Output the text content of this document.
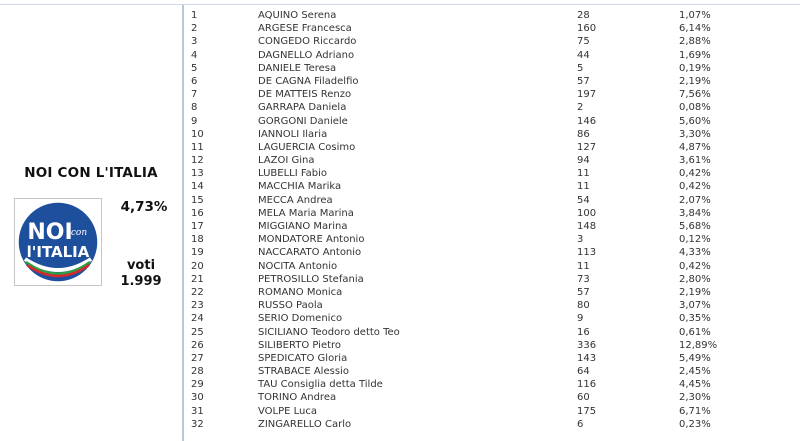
NOI CON L'ITALIA
NOI
con
l'ITALIA
4,73%
voti
1.999
1	AQUINO Serena	28	1,07%
2	ARGESE Francesca	160	6,14%
3	CONGEDO Riccardo	75	2,88%
4	DAGNELLO Adriano	44	1,69%
5	DANIELE Teresa	5	0,19%
6	DE CAGNA Filadelfio	57	2,19%
7	DE MATTEIS Renzo	197	7,56%
8	GARRAPA Daniela	2	0,08%
9	GORGONI Daniele	146	5,60%
10	IANNOLI Ilaria	86	3,30%
11	LAGUERCIA Cosimo	127	4,87%
12	LAZOI Gina	94	3,61%
13	LUBELLI Fabio	11	0,42%
14	MACCHIA Marika	11	0,42%
15	MECCA Andrea	54	2,07%
16	MELA Maria Marina	100	3,84%
17	MIGGIANO Marina	148	5,68%
18	MONDATORE Antonio	3	0,12%
19	NACCARATO Antonio	113	4,33%
20	NOCITA Antonio	11	0,42%
21	PETROSILLO Stefania	73	2,80%
22	ROMANO Monica	57	2,19%
23	RUSSO Paola	80	3,07%
24	SERIO Domenico	9	0,35%
25	SICILIANO Teodoro detto Teo	16	0,61%
26	SILIBERTO Pietro	336	12,89%
27	SPEDICATO Gloria	143	5,49%
28	STRABACE Alessio	64	2,45%
29	TAU Consiglia detta Tilde	116	4,45%
30	TORINO Andrea	60	2,30%
31	VOLPE Luca	175	6,71%
32	ZINGARELLO Carlo	6	0,23%
